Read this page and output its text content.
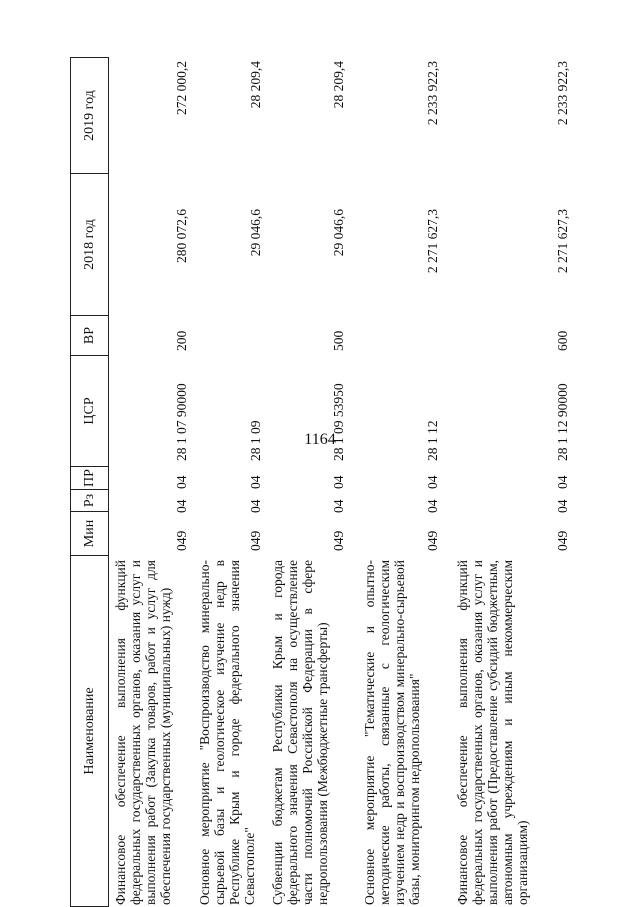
1164
Наименование
Мин
Рз
ПР
ЦСР
ВР
2018 год
2019 год
Финансовое обеспечение выполнения функций федеральных государственных органов, оказания услуг и выполнения работ (Закупка товаров, работ и услуг для обеспечения государственных (муниципальных) нужд)
049
04
04
28 1 07 90000
200
280 072,6
272 000,2
Основное мероприятие "Воспроизводство минерально-сырьевой базы и геологическое изучение недр в Республике Крым и городе федерального значения Севастополе"
049
04
04
28 1 09
29 046,6
28 209,4
Субвенции бюджетам Республики Крым и города федерального значения Севастополя на осуществление части полномочий Российской Федерации в сфере недропользования (Межбюджетные трансферты)
049
04
04
28 1 09 53950
500
29 046,6
28 209,4
Основное мероприятие "Тематические и опытно-методические работы, связанные с геологическим изучением недр и воспроизводством минерально-сырьевой базы, мониторингом недропользования"
049
04
04
28 1 12
2 271 627,3
2 233 922,3
Финансовое обеспечение выполнения функций федеральных государственных органов, оказания услуг и выполнения работ (Предоставление субсидий бюджетным, автономным учреждениям и иным некоммерческим организациям)
049
04
04
28 1 12 90000
600
2 271 627,3
2 233 922,3
